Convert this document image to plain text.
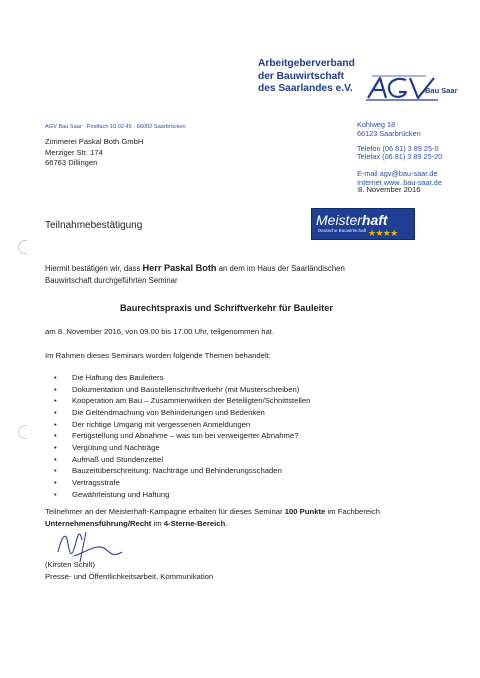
Arbeitgeberverband
der Bauwirtschaft
des Saarlandes e.V.	Bau Saar
AGV Bau Saar · Postfach 10 02 45 · 66002 Saarbrücken
Zimmerei Paskal Both GmbH
Merziger Str. 174
66763 Dillingen
Kohlweg 18
66123 Saarbrücken
Telefon (06 81) 3 89 25-0
Telefax (06 81) 3 89 25-20
E-mail agv@bau-saar.de
Internet www. bau-saar.de
8. November 2016
Teilnahmebestätigung	Meisterhaft
Deutsche Bauwirtschaft ★★★★
Hiermit bestätigen wir, dass Herr Paskal Both an dem im Haus der Saarländischen
Bauwirtschaft durchgeführten Seminar
Baurechtspraxis und Schriftverkehr für Bauleiter
am 8. November 2016, von 09.00 bis 17.00 Uhr, teilgenommen hat.
Im Rahmen dieses Seminars wurden folgende Themen behandelt:
• Die Haftung des Bauleiters
• Dokumentation und Baustellenschriftverkehr (mit Musterschreiben)
• Kooperation am Bau – Zusammenwirken der Beteiligten/Schnittstellen
• Die Geltendmachung von Behinderungen und Bedenken
• Der richtige Umgang mit vergessenen Anmeldungen
• Fertigstellung und Abnahme – was tun bei verweigerter Abnahme?
• Vergütung und Nachträge
• Aufmaß und Stundenzettel
• Bauzeitüberschreitung: Nachträge und Behinderungsschaden
• Vertragsstrafe
• Gewährleistung und Haftung
Teilnehmer an der Meisterhaft-Kampagne erhalten für dieses Seminar 100 Punkte im Fachbereich
Unternehmensführung/Recht im 4-Sterne-Bereich.
(Kirsten Schilt)
Presse- und Öffentlichkeitsarbeit, Kommunikation
